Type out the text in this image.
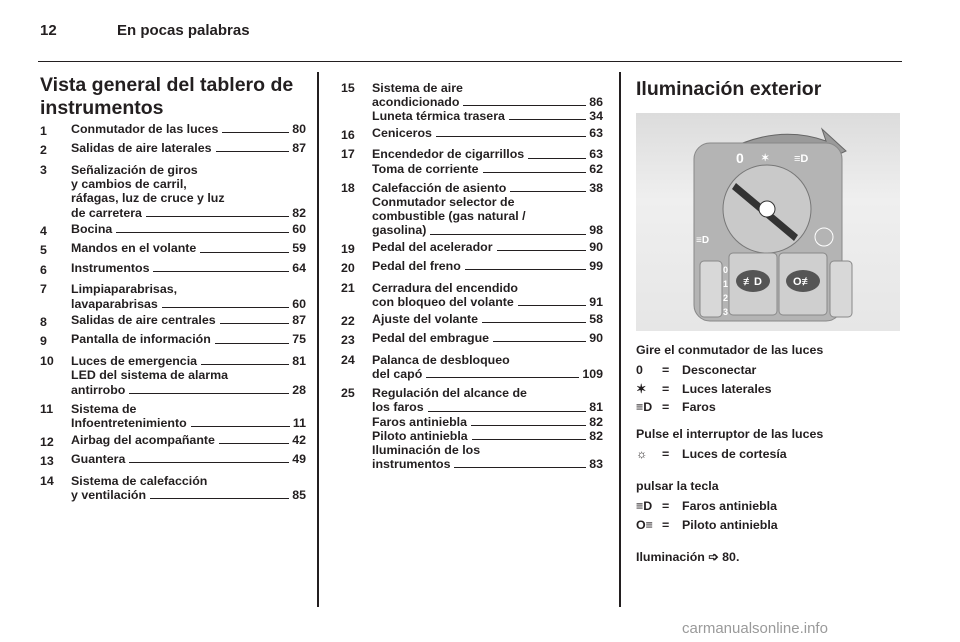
12	En pocas palabras
Vista general del tablero de instrumentos
1	Conmutador de las luces	80
2	Salidas de aire laterales	87
3	Señalización de giros
y cambios de carril,
ráfagas, luz de cruce y luz
de carretera	82
4	Bocina	60
5	Mandos en el volante	59
6	Instrumentos	64
7	Limpiaparabrisas,
lavaparabrisas	60
8	Salidas de aire centrales	87
9	Pantalla de información	75
10	Luces de emergencia	81
LED del sistema de alarma
antirrobo	28
11	Sistema de
Infoentretenimiento	11
12	Airbag del acompañante	42
13	Guantera	49
14	Sistema de calefacción
y ventilación	85
15	Sistema de aire
acondicionado	86
Luneta térmica trasera	34
16	Ceniceros	63
17	Encendedor de cigarrillos	63
Toma de corriente	62
18	Calefacción de asiento	38
Conmutador selector de
combustible (gas natural /
gasolina)	98
19	Pedal del acelerador	90
20	Pedal del freno	99
21	Cerradura del encendido
con bloqueo del volante	91
22	Ajuste del volante	58
23	Pedal del embrague	90
24	Palanca de desbloqueo
del capó	109
25	Regulación del alcance de
los faros	81
Faros antiniebla	82
Piloto antiniebla	82
Iluminación de los
instrumentos	83
Iluminación exterior
0 ✶ ≡D
≡D
≢D	O≢
0
1
2
3
Gire el conmutador de las luces
0	=	Desconectar
✶	=	Luces laterales
≡D =	Faros
Pulse el interruptor de las luces
☼	=	Luces de cortesía
pulsar la tecla
≡D =	Faros antiniebla
O≡ =	Piloto antiniebla
Iluminación ➩ 80.
carmanualsonline.info
